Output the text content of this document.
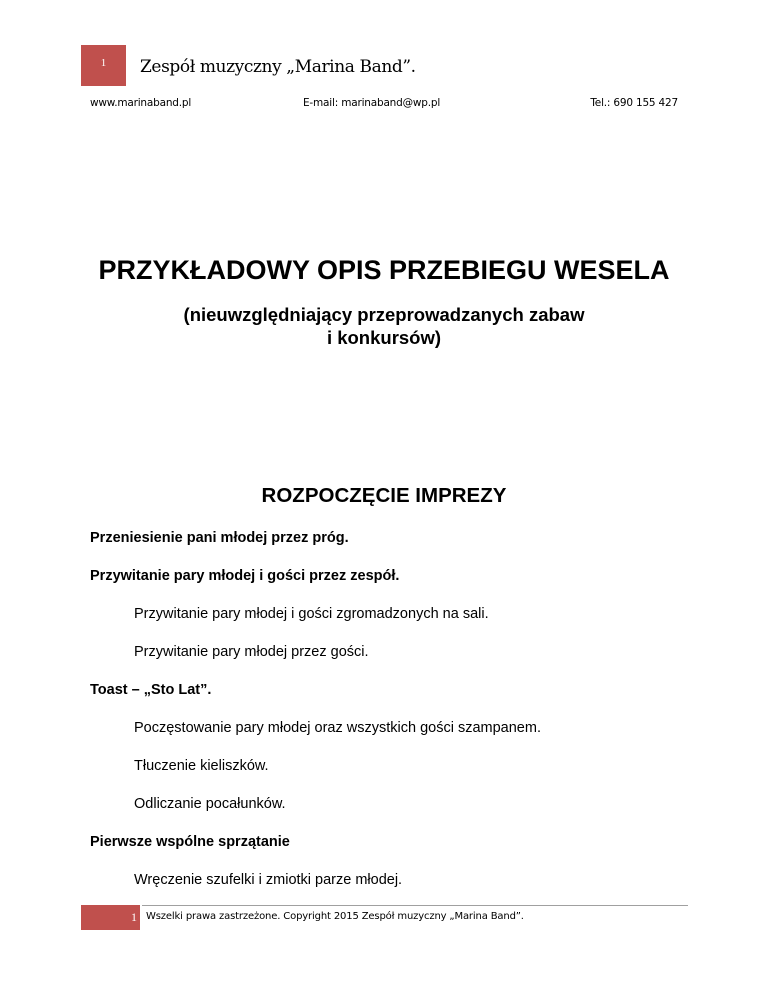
1 Zespół muzyczny „Marina Band”.
www.marinaband.pl	E-mail: marinaband@wp.pl	Tel.: 690 155 427
PRZYKŁADOWY OPIS PRZEBIEGU WESELA
(nieuwzględniający przeprowadzanych zabaw
i konkursów)
ROZPOCZĘCIE IMPREZY
Przeniesienie pani młodej przez próg.
Przywitanie pary młodej i gości przez zespół.
Przywitanie pary młodej i gości zgromadzonych na sali.
Przywitanie pary młodej przez gości.
Toast – „Sto Lat”.
Poczęstowanie pary młodej oraz wszystkich gości szampanem.
Tłuczenie kieliszków.
Odliczanie pocałunków.
Pierwsze wspólne sprzątanie
Wręczenie szufelki i zmiotki parze młodej.
1 Wszelki prawa zastrzeżone. Copyright 2015 Zespół muzyczny „Marina Band”.
